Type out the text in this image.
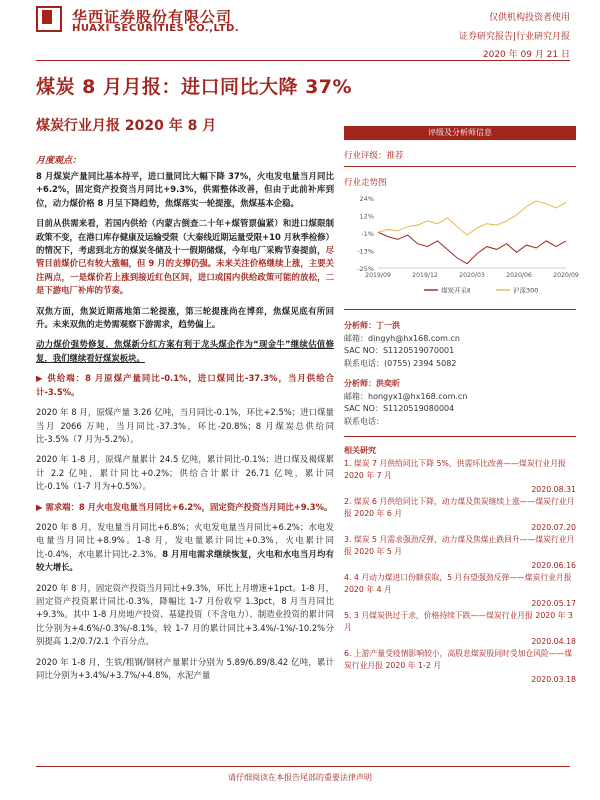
华西证券股份有限公司
HUAXI SECURITIES CO.,LTD.
仅供机构投资者使用
证券研究报告|行业研究月报
2020 年 09 月 21 日
煤炭 8 月月报：进口同比大降 37%
煤炭行业月报 2020 年 8 月
月度观点：

8 月煤炭产量同比基本持平，进口量同比大幅下降 37%，火电发电量当月同比+6.2%，固定资产投资当月同比+9.3%，供需整体改善，但由于此前补库到位，动力煤价格 8 月呈下降趋势，焦煤落实一轮提涨，焦煤基本企稳。

目前从供需来看，若国内供给（内蒙古倒查二十年+煤管票偏紧）和进口煤限制政策不变，在港口库存健康及运输受限（大秦线近期运量受限+10 月秋季检修）的情况下，考虑到北方的煤炭冬储及十一假期储煤，今年电厂采购节奏提前，尽管目前煤价已有较大涨幅，但 9 月的支撑仍强。未来关注价格继续上涨，主要关注两点，一是煤价若上涨到接近红色区间，进口或国内供给政策可能的放松，二是下游电厂补库的节奏。

双焦方面，焦炭近期落地第二轮提涨，第三轮提涨尚在博弈，焦煤见底有所回升。未来双焦的走势需观察下游需求，趋势偏上。

动力煤价强势修复，焦煤新分红方案有利于龙头煤企作为“现金牛”继续估值修复，我们继续看好煤炭板块。

▶ 供给端：8 月原煤产量同比-0.1%，进口煤同比-37.3%，当月供给合计-3.5%。

2020 年 8 月，原煤产量 3.26 亿吨，当月同比-0.1%，环比+2.5%；进口煤量当月 2066 万吨，当月同比-37.3%，环比-20.8%；8 月煤炭总供给同比-3.5%（7 月为-5.2%）。

2020 年 1-8 月，原煤产量累计 24.5 亿吨，累计同比-0.1%；进口煤及褐煤累计 2.2 亿吨，累计同比+0.2%；供给合计累计 26.71 亿吨，累计同比-0.1%（1-7 月为+0.5%）。

▶ 需求端：8 月火电发电量当月同比+6.2%，固定资产投资当月同比+9.3%。

2020 年 8 月，发电量当月同比+6.8%；火电发电量当月同比+6.2%；水电发电量当月同比+8.9%。1-8 月，发电量累计同比+0.3%，火电累计同比-0.4%，水电累计同比-2.3%。8 月用电需求继续恢复，火电和水电当月均有较大增长。

2020 年 8 月，固定资产投资当月同比+9.3%，环比上月增速+1pct。1-8 月，固定资产投资累计同比-0.3%，降幅比 1-7 月份收窄 1.3pct，8 月当月同比+9.3%。其中 1-8 月房地产投资、基建投资（不含电力）、制造业投资的累计同比分别为+4.6%/-0.3%/-8.1%，较 1-7 月的累计同比+3.4%/-1%/-10.2%分别提高 1.2/0.7/2.1 个百分点。

2020 年 1-8 月，生铁/粗钢/钢材产量累计分别为 5.89/6.89/8.42 亿吨，累计同比分别为+3.4%/+3.7%/+4.8%，水泥产量

评级及分析师信息
行业评级：推荐
行业走势图
24%
12%
-1%
-13%
-25%
2019/09	2019/12	2020/03	2020/06	2020/09
煤炭开采Ⅱ	沪深300
分析师：丁一洪
邮箱：dingyh@hx168.com.cn
SAC NO：S1120519070001
联系电话：(0755) 2394 5082
分析师：洪奕昕
邮箱：hongyx1@hx168.com.cn
SAC NO：S1120519080004
联系电话：
相关研究
1. 煤炭 7 月供给同比下降 5%，供需环比改善——煤炭行业月报 2020 年 7 月
2020.08.31
2. 煤炭 6 月供给同比下降，动力煤及焦炭继续上涨——煤炭行业月报 2020 年 6 月
2020.07.20
3. 煤炭 5 月需求强劲反弹，动力煤及焦煤止跌回升——煤炭行业月报 2020 年 5 月
2020.06.16
4. 4 月动力煤进口份额获取，5 月有望强劲反弹——煤炭行业月报 2020 年 4 月
2020.05.17
5. 3 月煤炭供过于求，价格持续下跌——煤炭行业月报 2020 年 3 月
2020.04.18
6. 上游产量受疫情影响较小，高股息煤炭股同时受加仓风险——煤炭行业月报 2020 年 1-2 月
2020.03.18
请仔细阅读在本报告尾部的重要法律声明
